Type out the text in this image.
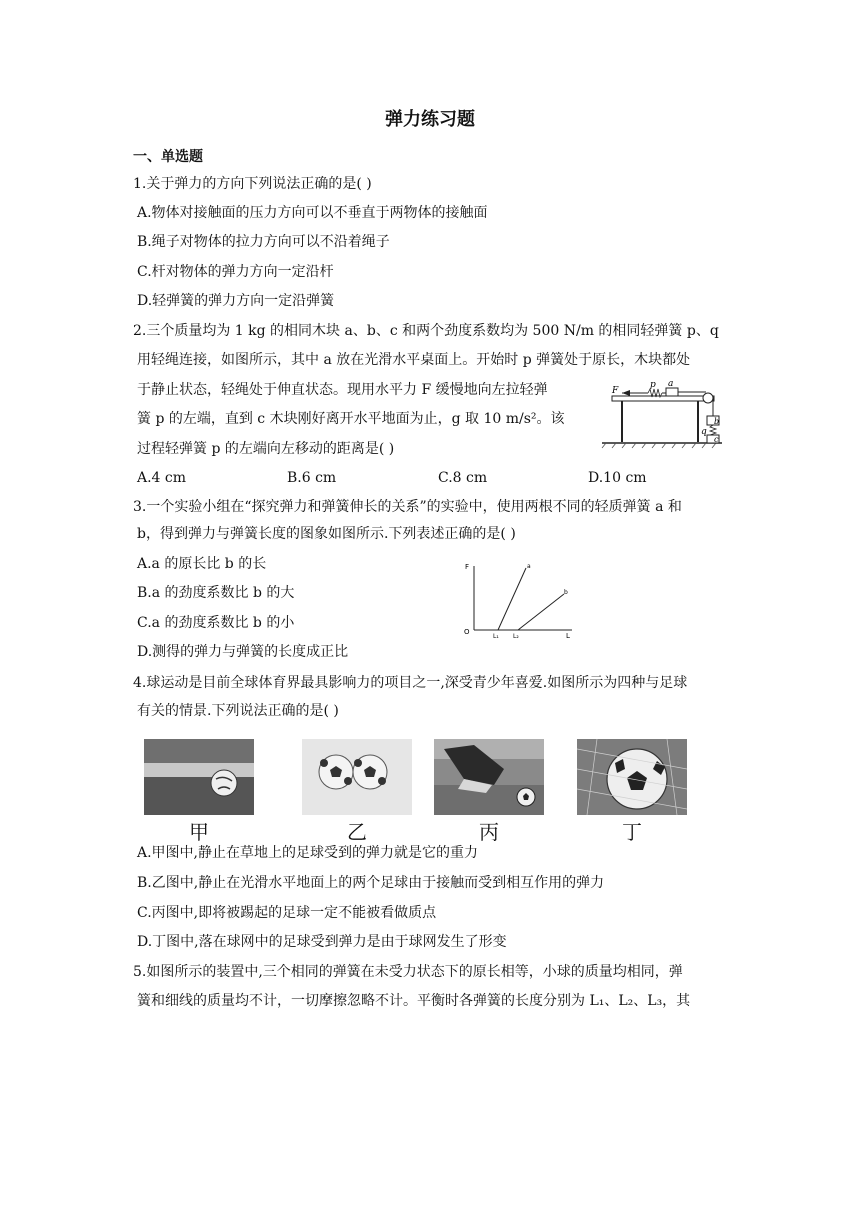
弹力练习题
一、单选题
1.关于弹力的方向下列说法正确的是( )
A.物体对接触面的压力方向可以不垂直于两物体的接触面
B.绳子对物体的拉力方向可以不沿着绳子
C.杆对物体的弹力方向一定沿杆
D.轻弹簧的弹力方向一定沿弹簧
2.三个质量均为 1 kg 的相同木块 a、b、c 和两个劲度系数均为 500 N/m 的相同轻弹簧 p、q
用轻绳连接，如图所示，其中 a 放在光滑水平桌面上。开始时 p 弹簧处于原长，木块都处
于静止状态，轻绳处于伸直状态。现用水平力 F 缓慢地向左拉轻弹
簧 p 的左端，直到 c 木块刚好离开水平地面为止，g 取 10 m/s²。该
过程轻弹簧 p 的左端向左移动的距离是( )
F
p a
b
q
c
A.4 cm	B.6 cm	C.8 cm	D.10 cm
3.一个实验小组在“探究弹力和弹簧伸长的关系”的实验中，使用两根不同的轻质弹簧 a 和
b，得到弹力与弹簧长度的图象如图所示.下列表述正确的是( )
A.a 的原长比 b 的长
B.a 的劲度系数比 b 的大
C.a 的劲度系数比 b 的小
D.测得的弹力与弹簧的长度成正比
F
L
O
a
b
L₁ L₂
4.球运动是目前全球体育界最具影响力的项目之一,深受青少年喜爱.如图所示为四种与足球
有关的情景.下列说法正确的是( )
甲	乙	丙	丁
A.甲图中,静止在草地上的足球受到的弹力就是它的重力
B.乙图中,静止在光滑水平地面上的两个足球由于接触而受到相互作用的弹力
C.丙图中,即将被踢起的足球一定不能被看做质点
D.丁图中,落在球网中的足球受到弹力是由于球网发生了形变
5.如图所示的装置中,三个相同的弹簧在未受力状态下的原长相等，小球的质量均相同，弹
簧和细线的质量均不计，一切摩擦忽略不计。平衡时各弹簧的长度分别为 L₁、L₂、L₃，其
